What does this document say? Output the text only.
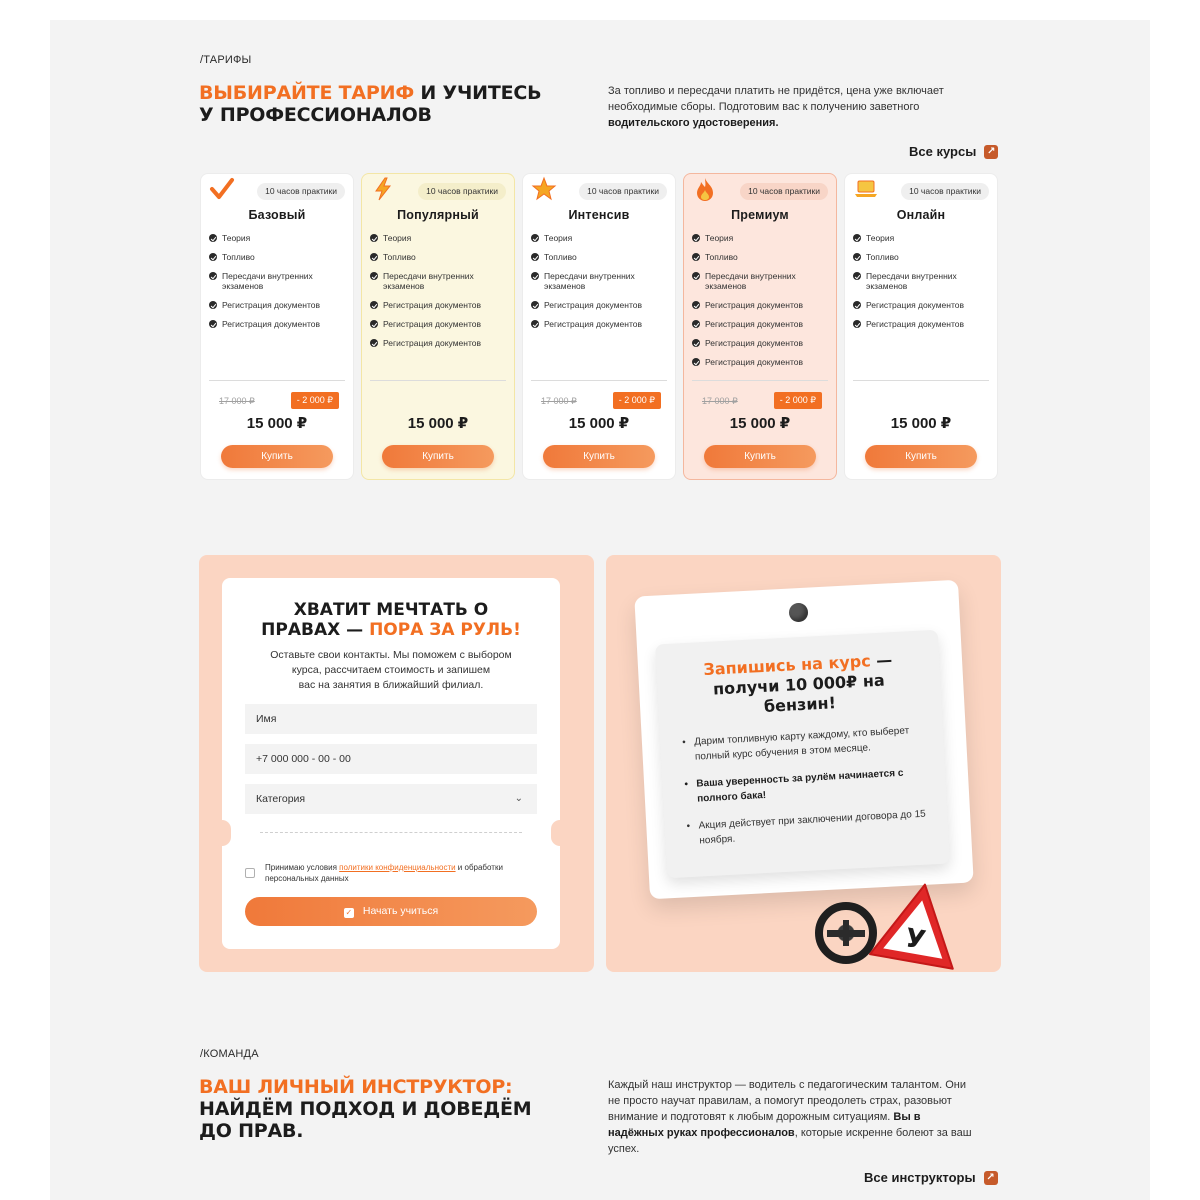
/ТАРИФЫ
ВЫБИРАЙТЕ ТАРИФ И УЧИТЕСЬ
У ПРОФЕССИОНАЛОВ
За топливо и пересдачи платить не придётся, цена уже включает
необходимые сборы. Подготовим вас к получению заветного
водительского удостоверения.
Все курсы ↗
10 часов практики
Базовый
Теория
Топливо
Пересдачи внутренних экзаменов
Регистрация документов
Регистрация документов
17 000 ₽	- 2 000 ₽
15 000 ₽
Купить
10 часов практики
Популярный
Теория
Топливо
Пересдачи внутренних экзаменов
Регистрация документов
Регистрация документов
Регистрация документов
15 000 ₽
Купить
10 часов практики
Интенсив
Теория
Топливо
Пересдачи внутренних экзаменов
Регистрация документов
Регистрация документов
17 000 ₽	- 2 000 ₽
15 000 ₽
Купить
10 часов практики
Премиум
Теория
Топливо
Пересдачи внутренних экзаменов
Регистрация документов
Регистрация документов
Регистрация документов
Регистрация документов
17 000 ₽	- 2 000 ₽
15 000 ₽
Купить
10 часов практики
Онлайн
Теория
Топливо
Пересдачи внутренних экзаменов
Регистрация документов
Регистрация документов
15 000 ₽
Купить
ХВАТИТ МЕЧТАТЬ О
ПРАВАХ — ПОРА ЗА РУЛЬ!
Оставьте свои контакты. Мы поможем с выбором
курса, рассчитаем стоимость и запишем
вас на занятия в ближайший филиал.
Имя
+7 000 000 - 00 - 00
Категория	⌄
Принимаю условия политики конфиденциальности и обработки персональных данных
✓ Начать учиться
Запишись на курс —
получи 10 000₽ на
бензин!
• Дарим топливную карту каждому, кто выберет полный курс обучения в этом месяце.
• Ваша уверенность за рулём начинается с полного бака!
• Акция действует при заключении договора до 15 ноября.
У
/КОМАНДА
ВАШ ЛИЧНЫЙ ИНСТРУКТОР:
НАЙДЁМ ПОДХОД И ДОВЕДЁМ
ДО ПРАВ.
Каждый наш инструктор — водитель с педагогическим талантом. Они
не просто научат правилам, а помогут преодолеть страх, разовьют
внимание и подготовят к любым дорожным ситуациям. Вы в
надёжных руках профессионалов, которые искренне болеют за ваш
успех.
Все инструкторы ↗
